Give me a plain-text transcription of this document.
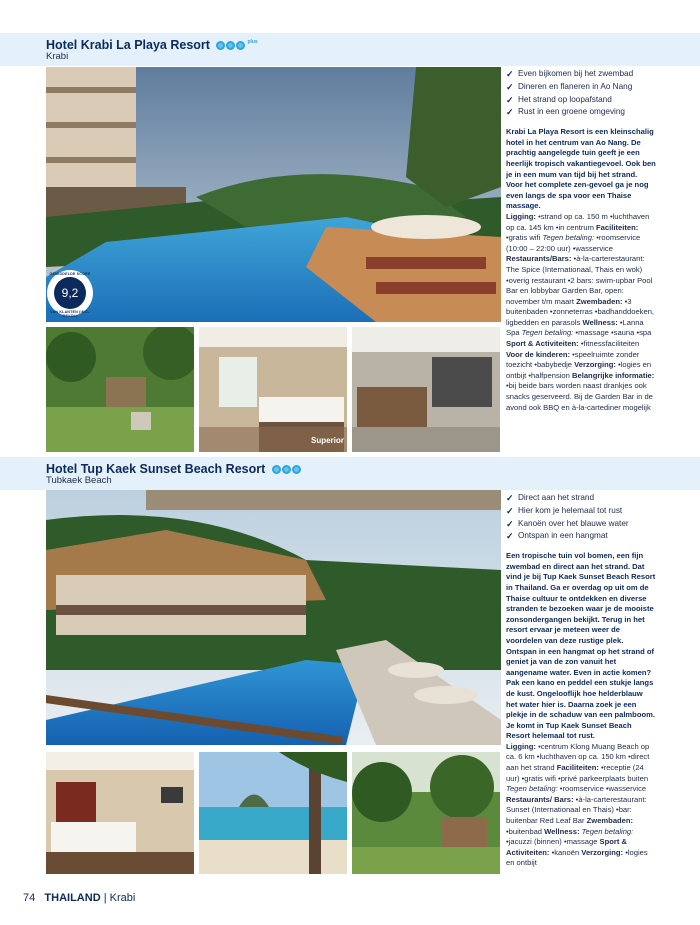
Hotel Krabi La Playa Resort	$^{plus}$
Krabi
GEMIDDELDE SCORE
9,2
VAN KLANTEN (INCL GEVOL)
Superior
✓ Even bijkomen bij het zwembad
✓ Dineren en flaneren in Ao Nang
✓ Het strand op loopafstand
✓ Rust in een groene omgeving

Krabi La Playa Resort is een kleinschalig hotel in het centrum van Ao Nang. De prachtig aangelegde tuin geeft je een heerlijk tropisch vakantiegevoel. Ook ben je in een mum van tijd bij het strand. Voor het complete zen-gevoel ga je nog even langs de spa voor een Thaise massage.

Ligging: •strand op ca. 150 m •luchthaven op ca. 145 km •in centrum Faciliteiten: •gratis wifi Tegen betaling: •roomservice (10:00 – 22:00 uur) •wasservice Restaurants/Bars: •à-la-carterestaurant: The Spice (Internationaal, Thais en wok) •overig restaurant •2 bars: swim-upbar Pool Bar en lobbybar Garden Bar, open: november t/m maart Zwembaden: •3 buitenbaden •zonneterras •badhanddoeken, ligbedden en parasols Wellness: •Lanna Spa Tegen betaling: •massage •sauna •spa Sport & Activiteiten: •fitnessfaciliteiten Voor de kinderen: •speelruimte zonder toezicht •babybedje Verzorging: •logies en ontbijt •halfpension Belangrijke informatie: •bij beide bars worden naast drankjes ook snacks geserveerd. Bij de Garden Bar in de avond ook BBQ en à-la-cartediner mogelijk

Hotel Tup Kaek Sunset Beach Resort
Tubkaek Beach
✓ Direct aan het strand
✓ Hier kom je helemaal tot rust
✓ Kanoën over het blauwe water
✓ Ontspan in een hangmat

Een tropische tuin vol bomen, een fijn zwembad en direct aan het strand. Dat vind je bij Tup Kaek Sunset Beach Resort in Thailand. Ga er overdag op uit om de Thaise cultuur te ontdekken en diverse stranden te bezoeken waar je de mooiste zonsondergangen bekijkt. Terug in het resort ervaar je meteen weer de voordelen van deze rustige plek. Ontspan in een hangmat op het strand of geniet ja van de zon vanuit het aangename water. Even in actie komen? Pak een kano en peddel een stukje langs de kust. Ongelooflijk hoe helderblauw het water hier is. Daarna zoek je een plekje in de schaduw van een palmboom. Je komt in Tup Kaek Sunset Beach Resort helemaal tot rust.

Ligging: •centrum Klong Muang Beach op ca. 6 km •luchthaven op ca. 150 km •direct aan het strand Faciliteiten: •receptie (24 uur) •gratis wifi •privé parkeerplaats buiten Tegen betaling: •roomservice •wasservice Restaurants/ Bars: •à-la-carterestaurant: Sunset (Internationaal en Thais) •bar: buitenbar Red Leaf Bar Zwembaden: •buitenbad Wellness: Tegen betaling: •jacuzzi (binnen) •massage Sport & Activiteiten: •kanoën Verzorging: •logies en ontbijt

74 THAILAND | Krabi
